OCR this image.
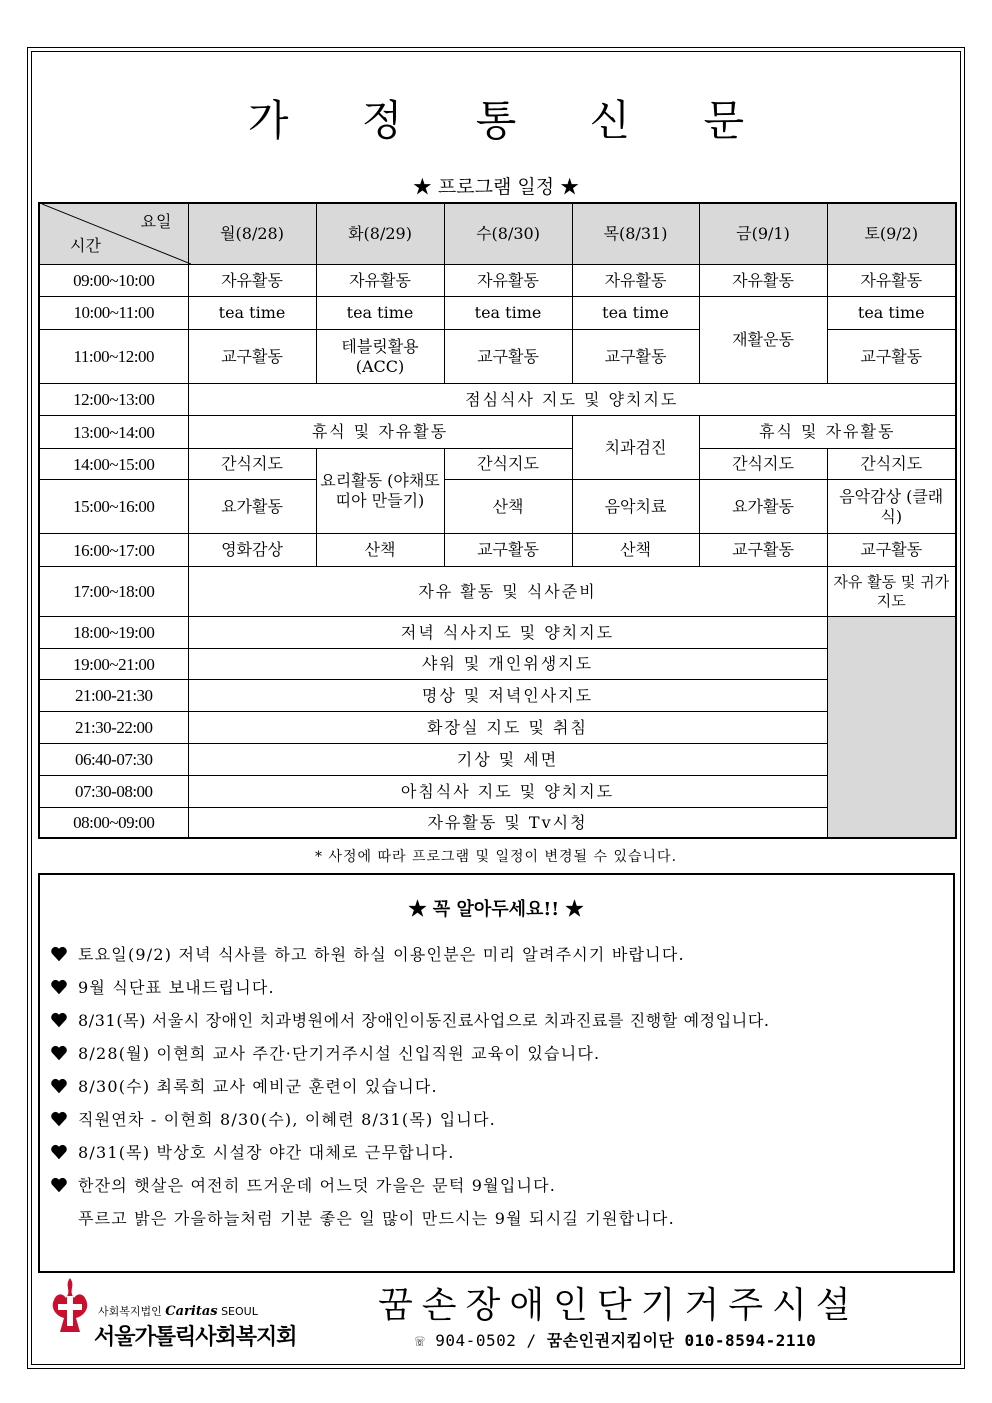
가 정 통 신 문
★ 프로그램 일정 ★
요일
시간	월(8/28)	화(8/29)	수(8/30)	목(8/31)	금(9/1)	토(9/2)
09:00~10:00	자유활동	자유활동	자유활동	자유활동	자유활동	자유활동
10:00~11:00	tea time	tea time	tea time	tea time	재활운동	tea time
11:00~12:00	교구활동	테블릿활용 (ACC)	교구활동	교구활동		교구활동
12:00~13:00	점심식사 지도 및 양치지도					
13:00~14:00	휴식 및 자유활동			치과검진	휴식 및 자유활동	
14:00~15:00	간식지도	요리활동 (야채또띠아 만들기)	간식지도		간식지도	간식지도
15:00~16:00	요가활동		산책	음악치료	요가활동	음악감상 (클래식)
16:00~17:00	영화감상	산책	교구활동	산책	교구활동	교구활동
17:00~18:00	자유 활동 및 식사준비					자유 활동 및 귀가지도
18:00~19:00	저녁 식사지도 및 양치지도					
19:00~21:00	샤워 및 개인위생지도					
21:00-21:30	명상 및 저녁인사지도					
21:30-22:00	화장실 지도 및 취침					
06:40-07:30	기상 및 세면					
07:30-08:00	아침식사 지도 및 양치지도					
08:00~09:00	자유활동 및 Tv시청					
* 사정에 따라 프로그램 및 일정이 변경될 수 있습니다.
★ 꼭 알아두세요!! ★
토요일(9/2) 저녁 식사를 하고 하원 하실 이용인분은 미리 알려주시기 바랍니다.
9월 식단표 보내드립니다.
8/31(목) 서울시 장애인 치과병원에서 장애인이동진료사업으로 치과진료를 진행할 예정입니다.
8/28(월) 이현희 교사 주간·단기거주시설 신입직원 교육이 있습니다.
8/30(수) 최록희 교사 예비군 훈련이 있습니다.
직원연차 - 이현희 8/30(수), 이혜련 8/31(목) 입니다.
8/31(목) 박상호 시설장 야간 대체로 근무합니다.
한잔의 햇살은 여전히 뜨거운데 어느덧 가을은 문턱 9월입니다.
푸르고 밝은 가을하늘처럼 기분 좋은 일 많이 만드시는 9월 되시길 기원합니다.
사회복지법인 Caritas SEOUL
서울가톨릭사회복지회
꿈손장애인단기거주시설
☏ 904-0502 / 꿈손인권지킴이단 010-8594-2110
